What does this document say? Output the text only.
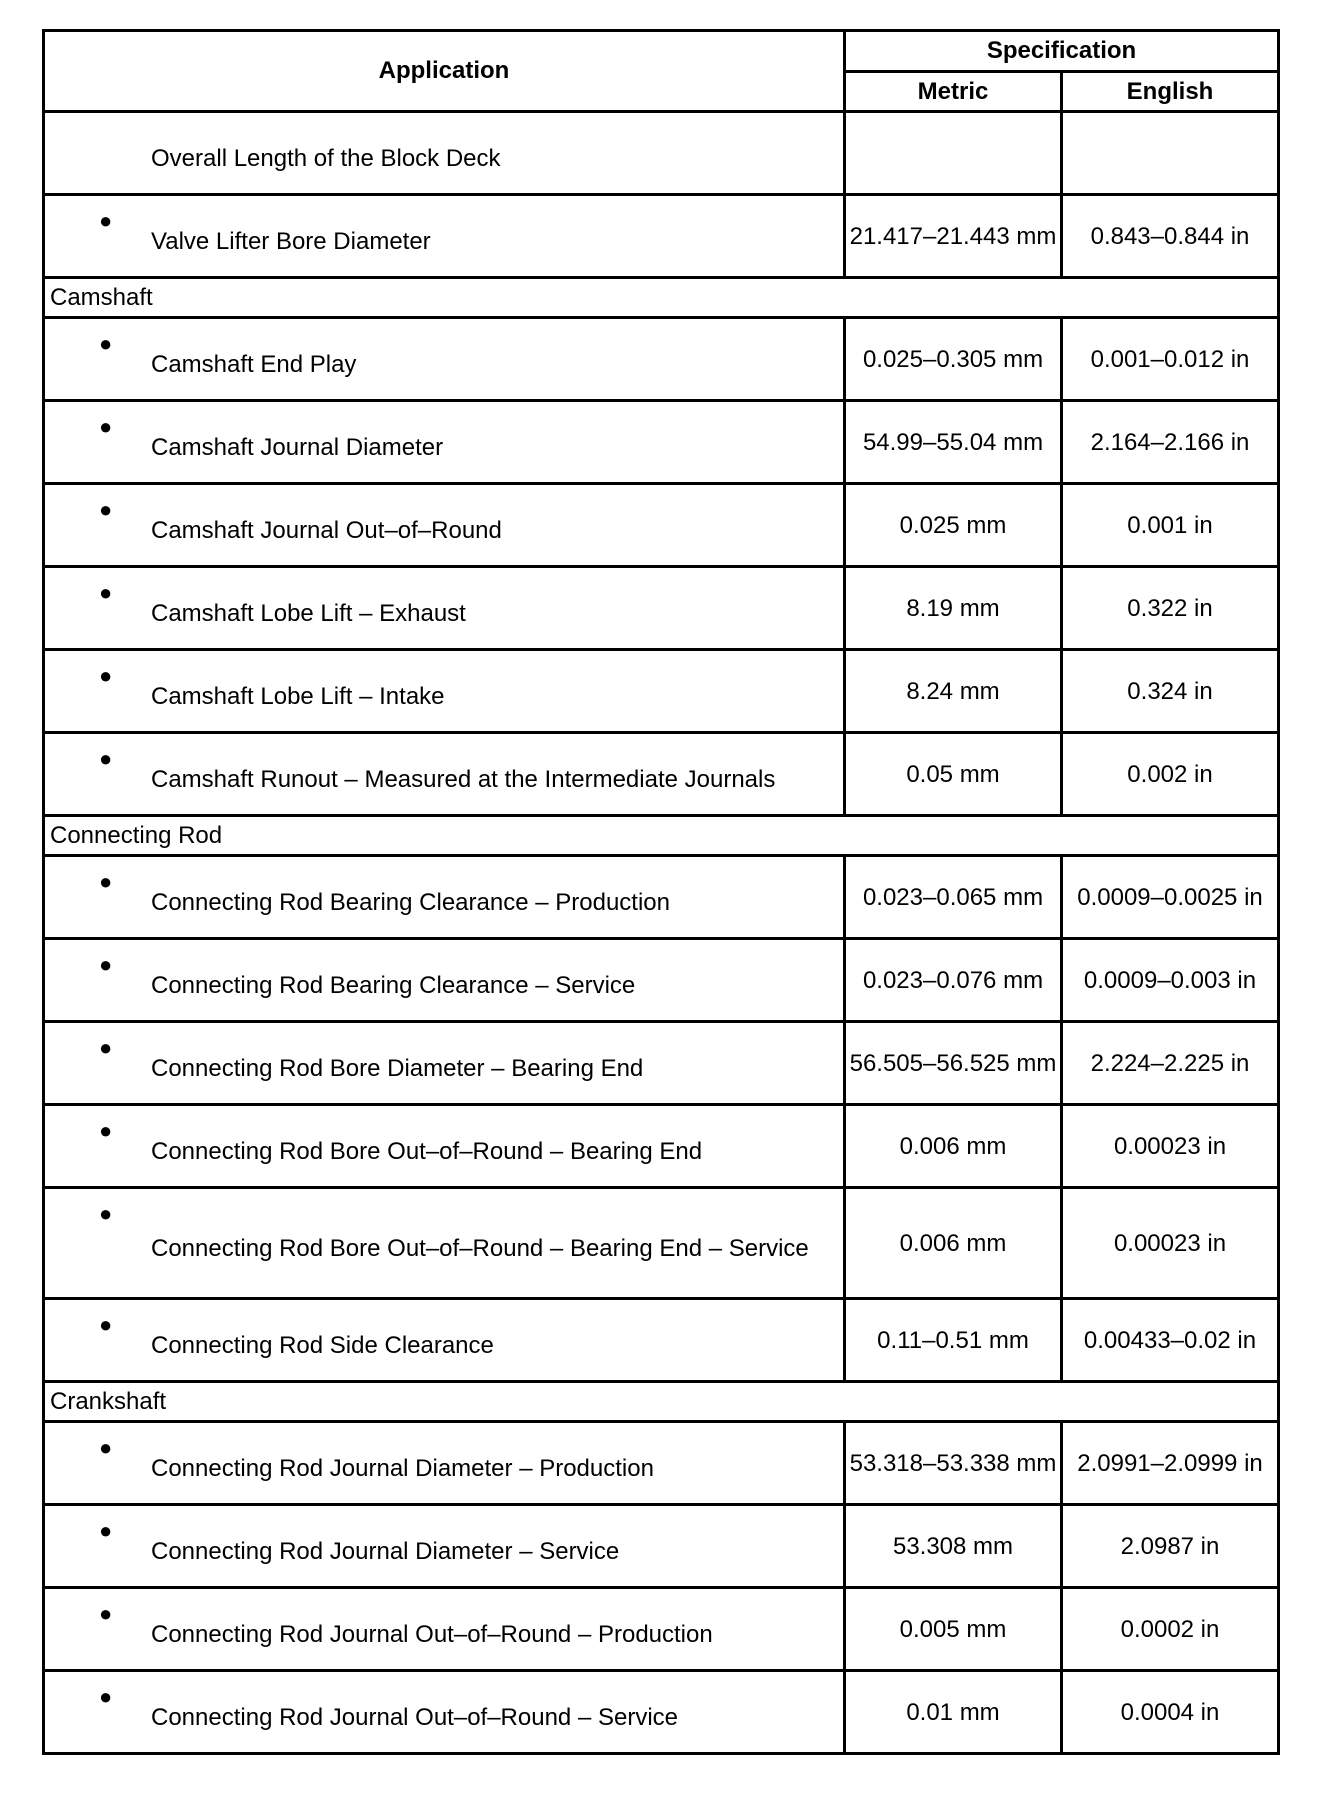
Application	Specification	
	Metric	English

Overall Length of the Block Deck		

●
Valve Lifter Bore Diameter	21.417–21.443 mm	0.843–0.844 in
Camshaft		

●
Camshaft End Play	0.025–0.305 mm	0.001–0.012 in

●
Camshaft Journal Diameter	54.99–55.04 mm	2.164–2.166 in

●
Camshaft Journal Out–of–Round	0.025 mm	0.001 in

●
Camshaft Lobe Lift – Exhaust	8.19 mm	0.322 in

●
Camshaft Lobe Lift – Intake	8.24 mm	0.324 in

●
Camshaft Runout – Measured at the Intermediate Journals	0.05 mm	0.002 in
Connecting Rod		

●
Connecting Rod Bearing Clearance – Production	0.023–0.065 mm	0.0009–0.0025 in

●
Connecting Rod Bearing Clearance – Service	0.023–0.076 mm	0.0009–0.003 in

●
Connecting Rod Bore Diameter – Bearing End	56.505–56.525 mm	2.224–2.225 in

●
Connecting Rod Bore Out–of–Round – Bearing End	0.006 mm	0.00023 in

●
Connecting Rod Bore Out–of–Round – Bearing End – Service	0.006 mm	0.00023 in

●
Connecting Rod Side Clearance	0.11–0.51 mm	0.00433–0.02 in
Crankshaft		

●
Connecting Rod Journal Diameter – Production	53.318–53.338 mm	2.0991–2.0999 in

●
Connecting Rod Journal Diameter – Service	53.308 mm	2.0987 in

●
Connecting Rod Journal Out–of–Round – Production	0.005 mm	0.0002 in

●
Connecting Rod Journal Out–of–Round – Service	0.01 mm	0.0004 in
